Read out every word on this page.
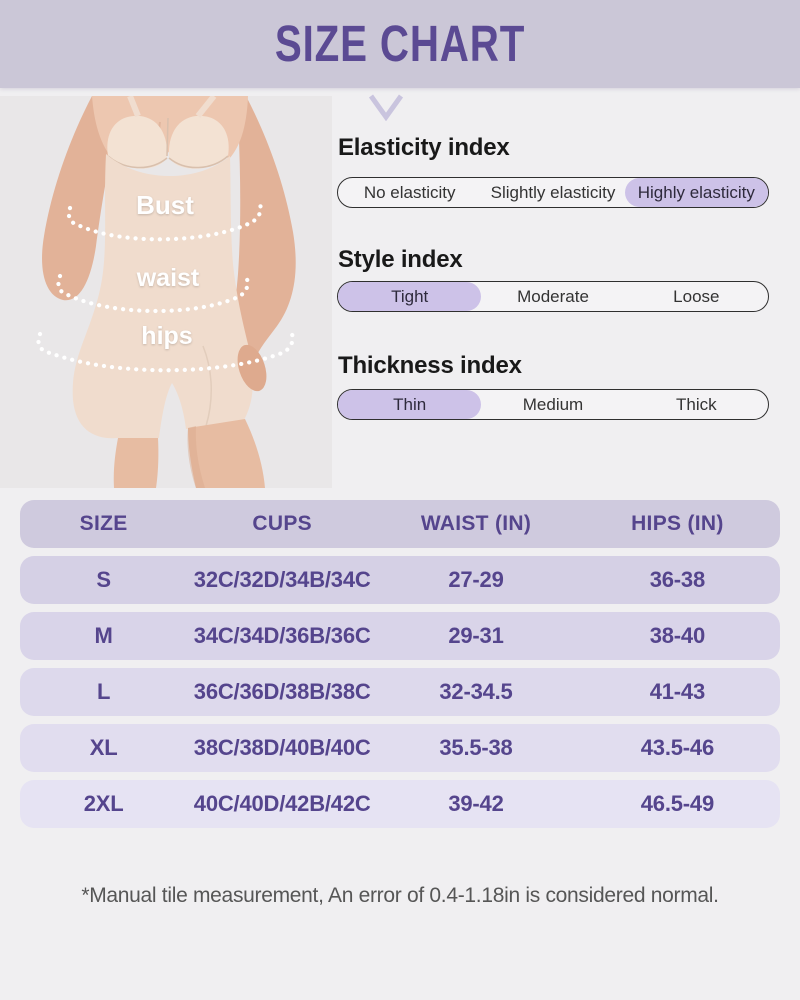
SIZE CHART
Bust
waist
hips
Elasticity index
No elasticity	Slightly elasticity	Highly elasticity
Style index
Tight	Moderate	Loose
Thickness index
Thin	Medium	Thick
SIZE	CUPS	WAIST (IN)	HIPS (IN)
S	32C/32D/34B/34C	27-29	36-38
M	34C/34D/36B/36C	29-31	38-40
L	36C/36D/38B/38C	32-34.5	41-43
XL	38C/38D/40B/40C	35.5-38	43.5-46
2XL	40C/40D/42B/42C	39-42	46.5-49
*Manual tile measurement, An error of 0.4-1.18in is considered normal.
